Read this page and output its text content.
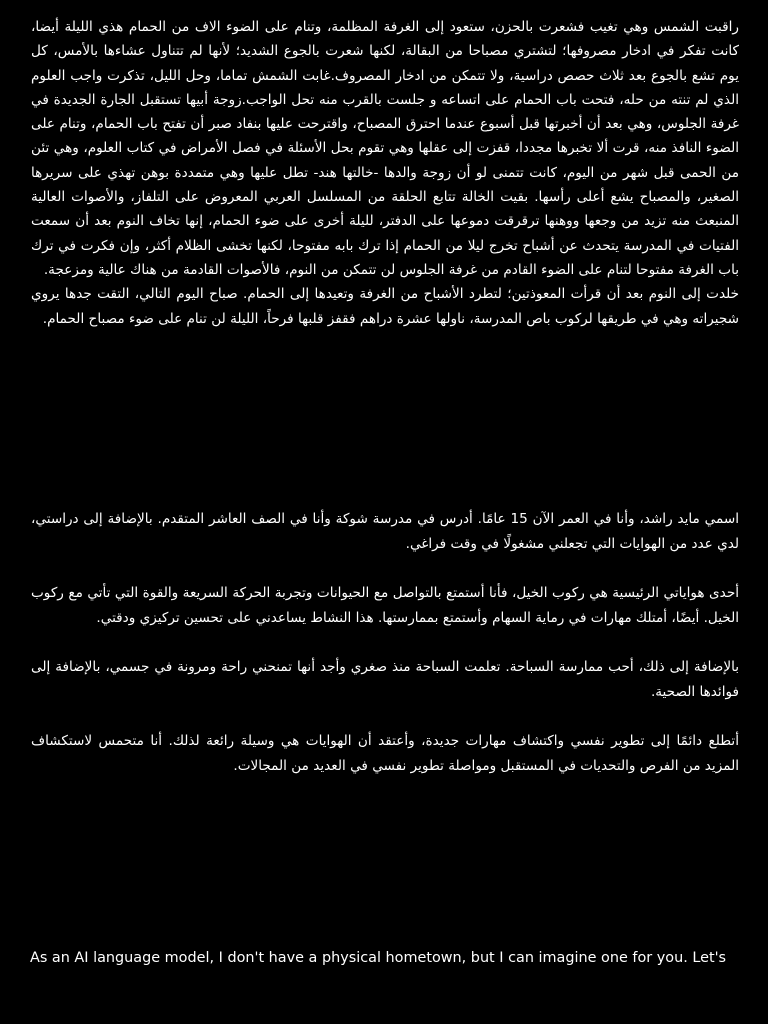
راقبت الشمس وهي تغيب فشعرت بالحزن، ستعود إلى الغرفة المظلمة، وتنام على الضوء الاف من الحمام هذي الليلة أيضا، كانت تفكر في ادخار مصروفها؛ لتشتري مصباحا من البقالة، لكنها شعرت بالجوع الشديد؛ لأنها لم تتناول عشاءها بالأمس، كل يوم تشع بالجوع بعد ثلاث حصص دراسية، ولا تتمكن من ادخار المصروف.غابت الشمش تماما، وحل الليل، تذكرت واجب العلوم الذي لم تنته من حله، فتحت باب الحمام على اتساعه و جلست بالقرب منه تحل الواجب.زوجة أبيها تستقبل الجارة الجديدة في غرفة الجلوس، وهي بعد أن أخبرتها قبل أسبوع عندما احترق المصباح، واقترحت عليها بنفاد صبر أن تفتح باب الحمام، وتنام على الضوء النافذ منه، قرت ألا تخبرها مجددا، قفزت إلى عقلها وهي تقوم بحل الأسئلة في فصل الأمراض في كتاب العلوم، وهي تئن من الحمى قبل شهر من اليوم، كانت تتمنى لو أن زوجة والدها -خالتها هند- تطل عليها وهي متمددة بوهن تهذي على سريرها الصغير، والمصباح يشع أعلى رأسها. بقيت الخالة تتابع الحلقة من المسلسل العربي المعروض على التلفاز، والأصوات العالية المنبعث منه تزيد من وجعها ووهنها ترقرقت دموعها على الدفتر، لليلة أخرى على ضوء الحمام، إنها تخاف النوم بعد أن سمعت الفتيات في المدرسة يتحدث عن أشباح تخرج ليلا من الحمام إذا ترك بابه مفتوحا، لكنها تخشى الظلام أكثر، وإن فكرت في ترك باب الغرفة مفتوحا لتنام على الضوء القادم من غرفة الجلوس لن تتمكن من النوم، فالأصوات القادمة من هناك عالية ومزعجة.

خلدت إلى النوم بعد أن قرأت المعوذتين؛ لتطرد الأشباح من الغرفة وتعيدها إلى الحمام. صباح اليوم التالي، التقت جدها يروي شجيراته وهي في طريقها لركوب باص المدرسة، ناولها عشرة دراهم فقفز قلبها فرحاً، الليلة لن تنام على ضوء مصباح الحمام.

اسمي مايد راشد، وأنا في العمر الآن 15 عامًا. أدرس في مدرسة شوكة وأنا في الصف العاشر المتقدم. بالإضافة إلى دراستي، لدي عدد من الهوايات التي تجعلني مشغولًا في وقت فراغي.

أحدى هواياتي الرئيسية هي ركوب الخيل، فأنا أستمتع بالتواصل مع الحيوانات وتجربة الحركة السريعة والقوة التي تأتي مع ركوب الخيل. أيضًا، أمتلك مهارات في رماية السهام وأستمتع بممارستها. هذا النشاط يساعدني على تحسين تركيزي ودقتي.

بالإضافة إلى ذلك، أحب ممارسة السباحة. تعلمت السباحة منذ صغري وأجد أنها تمنحني راحة ومرونة في جسمي، بالإضافة إلى فوائدها الصحية.

أتطلع دائمًا إلى تطوير نفسي واكتشاف مهارات جديدة، وأعتقد أن الهوايات هي وسيلة رائعة لذلك. أنا متحمس لاستكشاف المزيد من الفرص والتحديات في المستقبل ومواصلة تطوير نفسي في العديد من المجالات.

As an AI language model, I don't have a physical hometown, but I can imagine one for you. Let's
